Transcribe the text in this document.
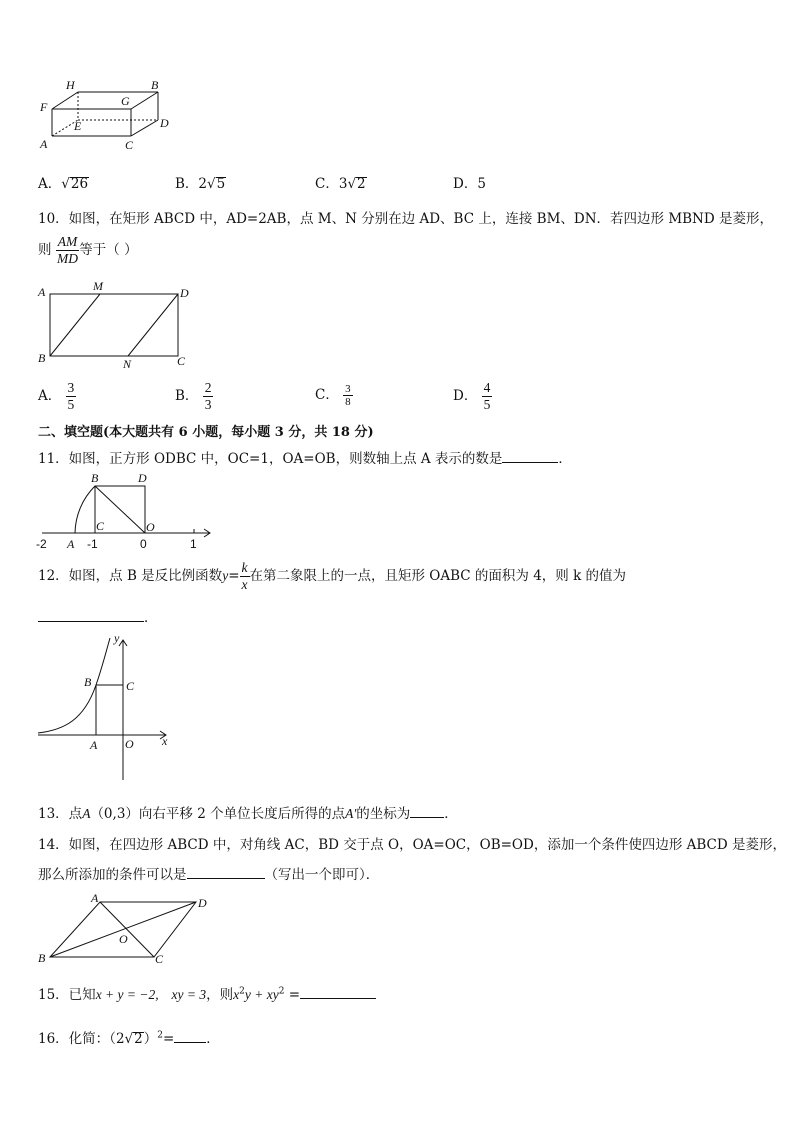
H	B
F	G
E	D
A	C
A．√26	B．2√5	C．3√2	D．5
10．如图，在矩形 ABCD 中，AD=2AB，点 M、N 分别在边 AD、BC 上，连接 BM、DN．若四边形 MBND 是菱形，
则 $\frac{AM}{MD}$ 等于（ ）
A	M	D
B	N	C
A． $\frac{3}{5}$	B． $\frac{2}{3}$	C． $\frac{3}{8}$	D． $\frac{4}{5}$
二、填空题(本大题共有 6 小题，每小题 3 分，共 18 分)
11．如图，正方形 ODBC 中，OC=1，OA=OB，则数轴上点 A 表示的数是	．
B	D
C	O
A
-2	-1	0	1
12．如图，点 B 是反比例函数$y= \frac{k}{x}$ 在第二象限上的一点，且矩形 OABC 的面积为 4，则 k 的值为
．
y
B	C
A O x
13．点A（0,3）向右平移 2 个单位长度后所得的点A′的坐标为	．
14．如图，在四边形 ABCD 中，对角线 AC，BD 交于点 O，OA=OC，OB=OD，添加一个条件使四边形 ABCD 是菱形，
那么所添加的条件可以是	（写出一个即可）．
A	D
O
B	C
15．已知x + y = −2, xy = 3，则$x^2y + xy^2$ =
16．化简：$(2√2)^2=$ ．
